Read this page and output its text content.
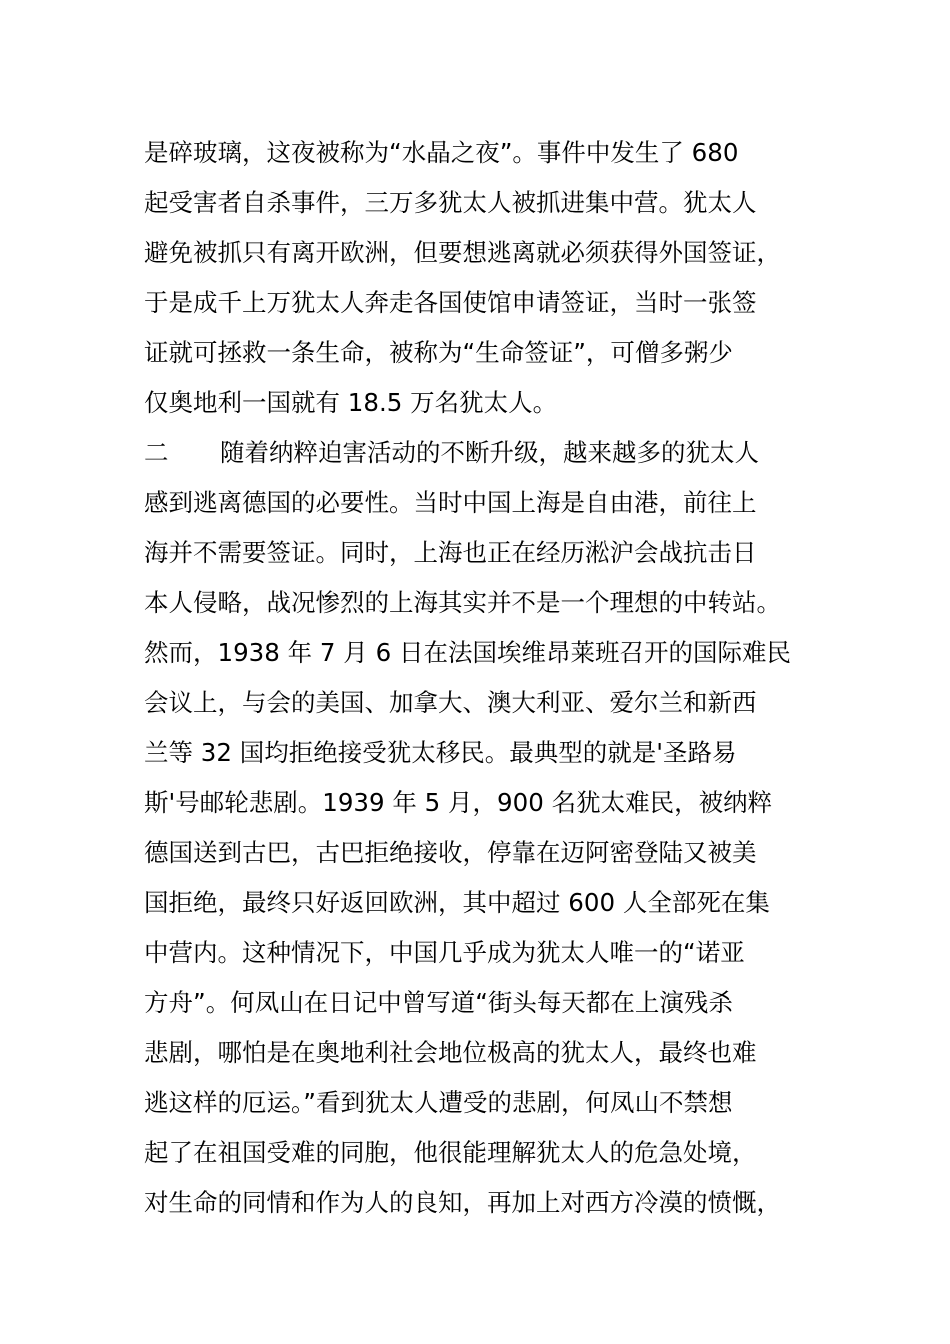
是碎玻璃，这夜被称为“水晶之夜”。事件中发生了 680
起受害者自杀事件，三万多犹太人被抓进集中营。犹太人
避免被抓只有离开欧洲，但要想逃离就必须获得外国签证，
于是成千上万犹太人奔走各国使馆申请签证，当时一张签
证就可拯救一条生命，被称为“生命签证”，可僧多粥少
仅奥地利一国就有 18.5 万名犹太人。
二 随着纳粹迫害活动的不断升级，越来越多的犹太人
感到逃离德国的必要性。当时中国上海是自由港，前往上
海并不需要签证。同时，上海也正在经历淞沪会战抗击日
本人侵略，战况惨烈的上海其实并不是一个理想的中转站。
然而，1938 年 7 月 6 日在法国埃维昂莱班召开的国际难民
会议上，与会的美国、加拿大、澳大利亚、爱尔兰和新西
兰等 32 国均拒绝接受犹太移民。最典型的就是'圣路易
斯'号邮轮悲剧。1939 年 5 月，900 名犹太难民，被纳粹
德国送到古巴，古巴拒绝接收，停靠在迈阿密登陆又被美
国拒绝，最终只好返回欧洲，其中超过 600 人全部死在集
中营内。这种情况下，中国几乎成为犹太人唯一的“诺亚
方舟”。何凤山在日记中曾写道“街头每天都在上演残杀
悲剧，哪怕是在奥地利社会地位极高的犹太人，最终也难
逃这样的厄运。”看到犹太人遭受的悲剧，何凤山不禁想
起了在祖国受难的同胞，他很能理解犹太人的危急处境，
对生命的同情和作为人的良知，再加上对西方冷漠的愤慨，
